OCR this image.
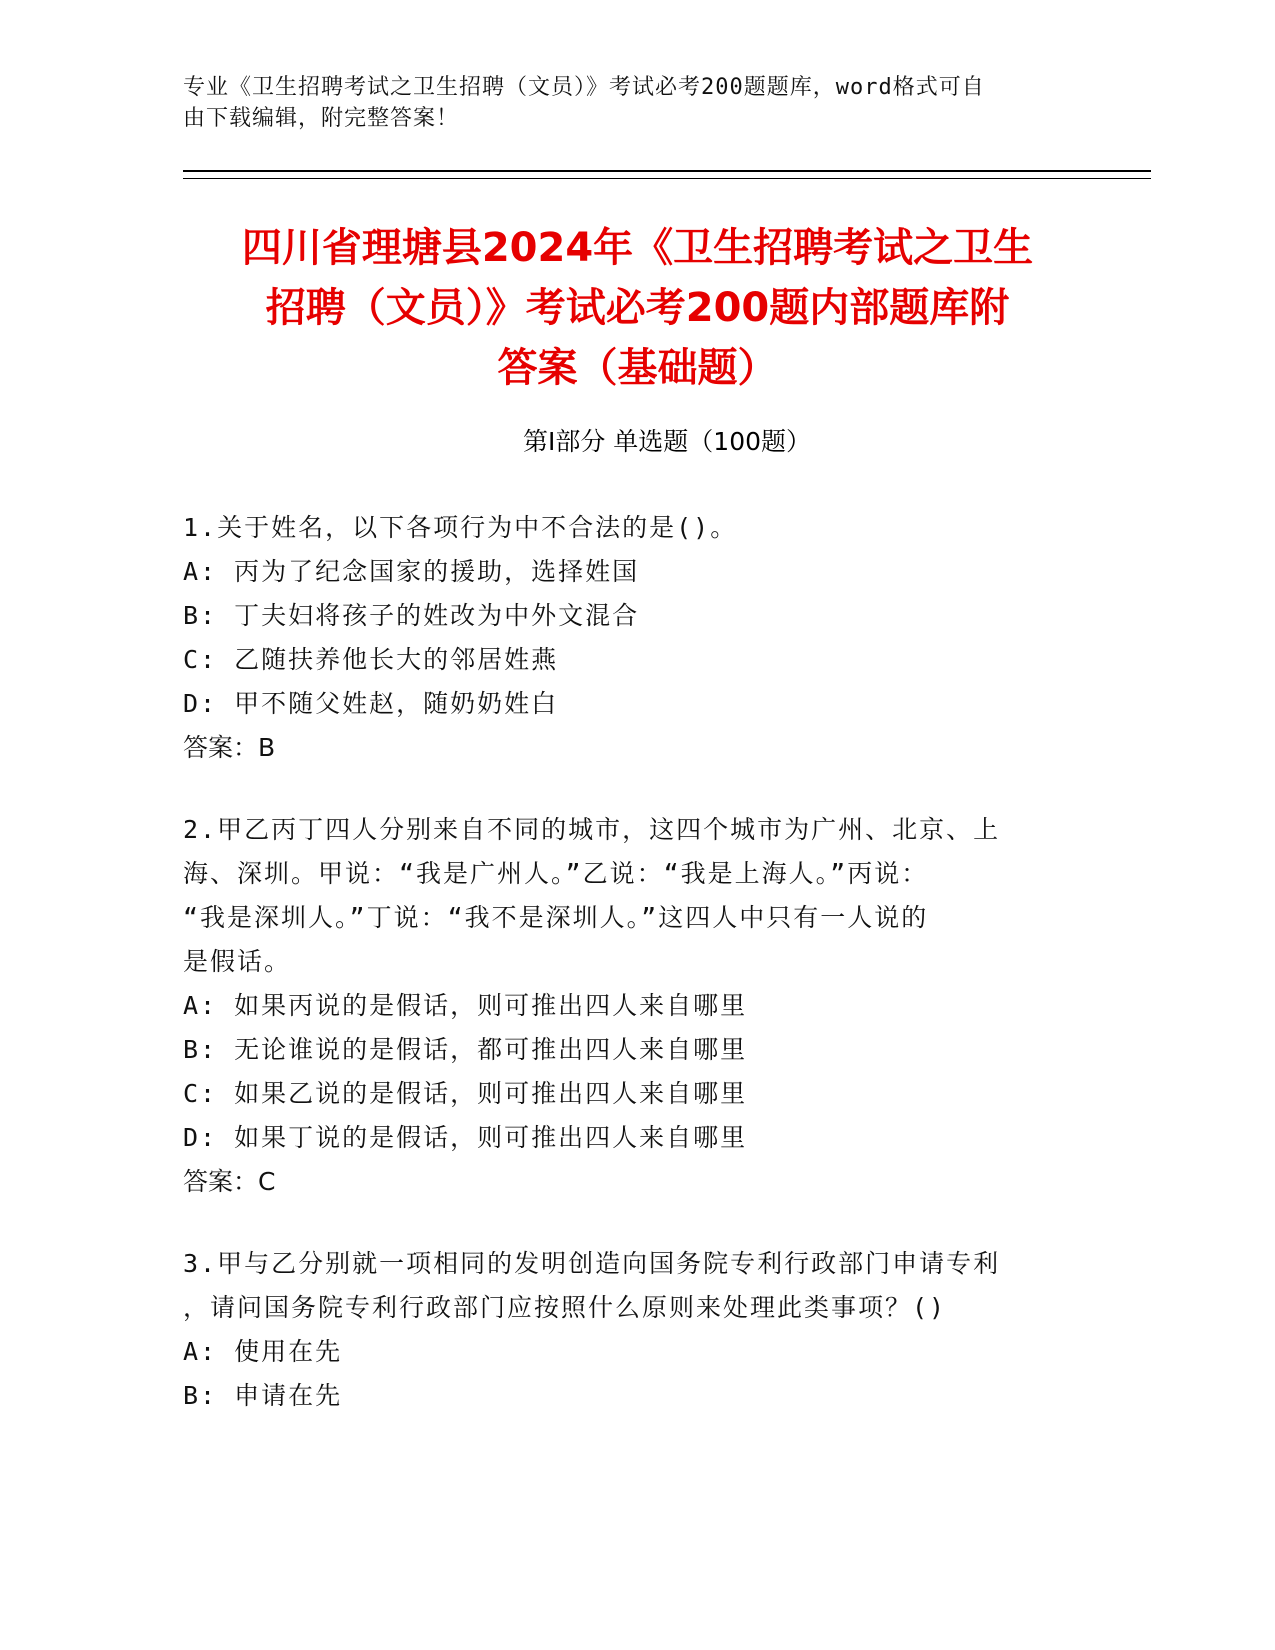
专业《卫生招聘考试之卫生招聘（文员）》考试必考200题题库，word格式可自
由下载编辑，附完整答案！
四川省理塘县2024年《卫生招聘考试之卫生
招聘（文员）》考试必考200题内部题库附
答案（基础题）
第Ⅰ部分 单选题（100题）

1.关于姓名，以下各项行为中不合法的是()。

A: 丙为了纪念国家的援助，选择姓国

B: 丁夫妇将孩子的姓改为中外文混合

C: 乙随扶养他长大的邻居姓燕

D: 甲不随父姓赵，随奶奶姓白

答案：B

2.甲乙丙丁四人分别来自不同的城市，这四个城市为广州、北京、上

海、深圳。甲说：“我是广州人。”乙说：“我是上海人。”丙说：

“我是深圳人。”丁说：“我不是深圳人。”这四人中只有一人说的

是假话。

A: 如果丙说的是假话，则可推出四人来自哪里

B: 无论谁说的是假话，都可推出四人来自哪里

C: 如果乙说的是假话，则可推出四人来自哪里

D: 如果丁说的是假话，则可推出四人来自哪里

答案：C

3.甲与乙分别就一项相同的发明创造向国务院专利行政部门申请专利

，请问国务院专利行政部门应按照什么原则来处理此类事项？()

A: 使用在先

B: 申请在先
